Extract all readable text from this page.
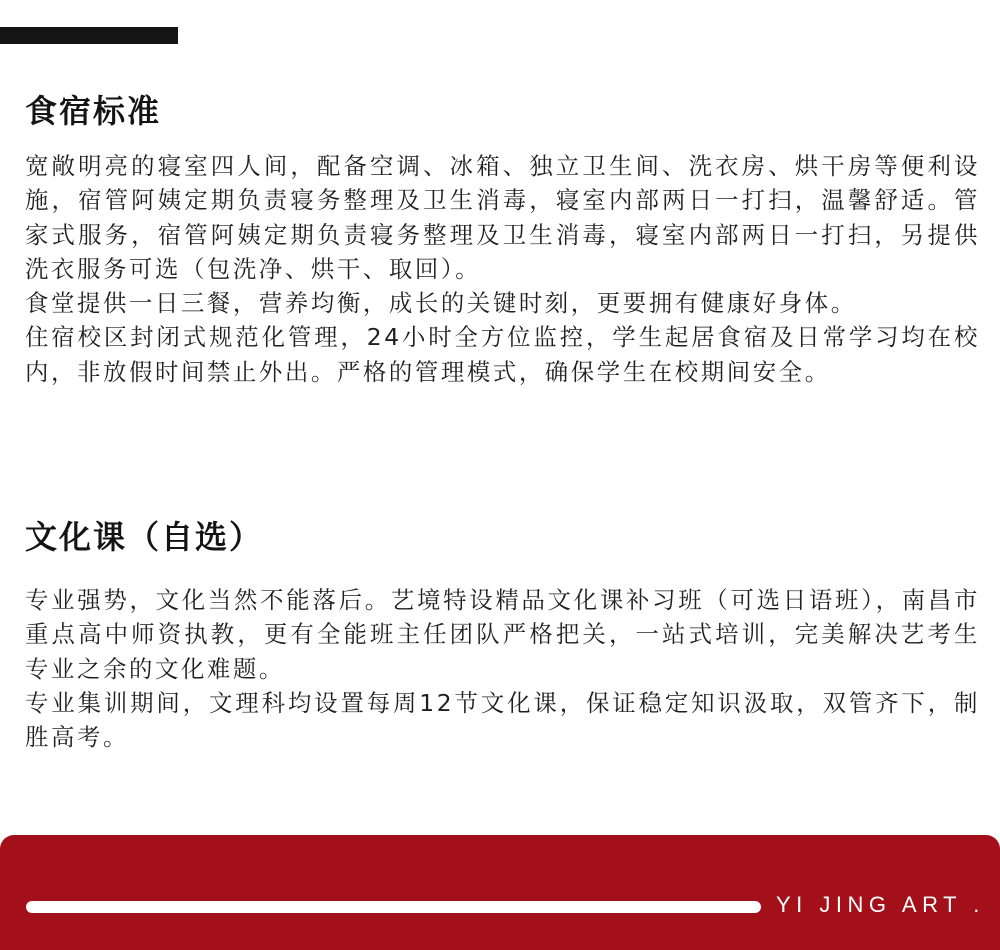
食宿标准

宽敞明亮的寝室四人间，配备空调、冰箱、独立卫生间、洗衣房、烘干房等便利设施，宿管阿姨定期负责寝务整理及卫生消毒，寝室内部两日一打扫，温馨舒适。管家式服务，宿管阿姨定期负责寝务整理及卫生消毒，寝室内部两日一打扫，另提供洗衣服务可选（包洗净、烘干、取回）。

食堂提供一日三餐，营养均衡，成长的关键时刻，更要拥有健康好身体。

住宿校区封闭式规范化管理，24小时全方位监控，学生起居食宿及日常学习均在校内，非放假时间禁止外出。严格的管理模式，确保学生在校期间安全。

文化课（自选）

专业强势，文化当然不能落后。艺境特设精品文化课补习班（可选日语班），南昌市重点高中师资执教，更有全能班主任团队严格把关，一站式培训，完美解决艺考生专业之余的文化难题。

专业集训期间，文理科均设置每周12节文化课，保证稳定知识汲取，双管齐下，制胜高考。

YI JING ART .
